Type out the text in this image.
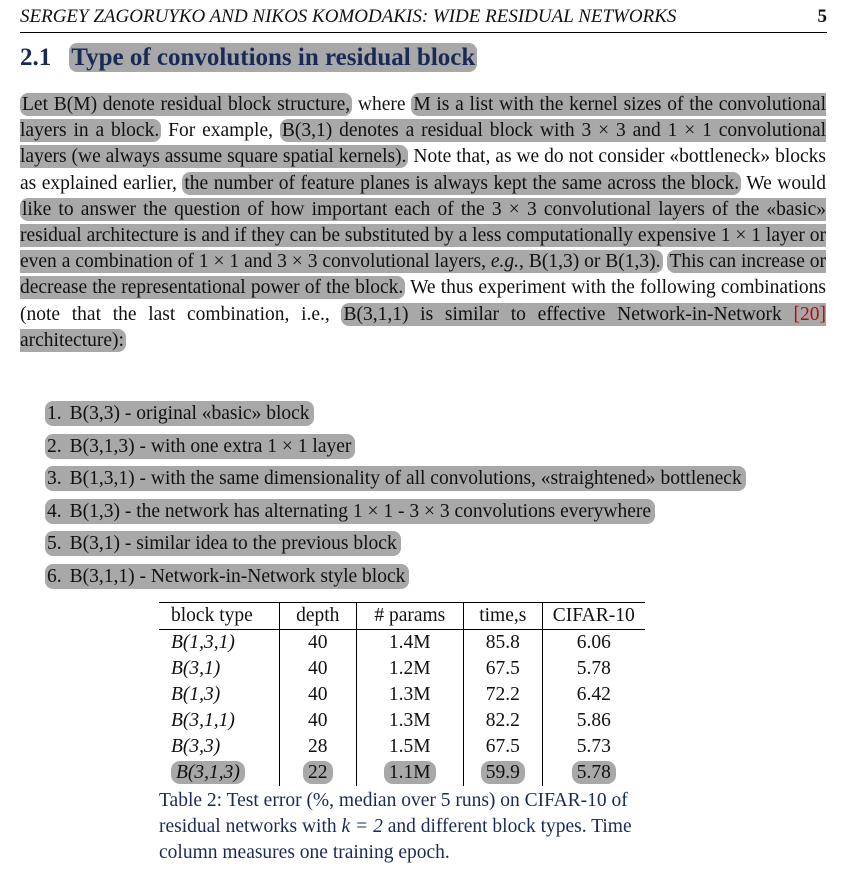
SERGEY ZAGORUYKO AND NIKOS KOMODAKIS: WIDE RESIDUAL NETWORKS	5
2.1 Type of convolutions in residual block
Let B(M) denote residual block structure, where M is a list with the kernel sizes of the convolutional layers in a block. For example, B(3,1) denotes a residual block with 3 × 3 and 1 × 1 convolutional layers (we always assume square spatial kernels). Note that, as we do not consider «bottleneck» blocks as explained earlier, the number of feature planes is always kept the same across the block. We would like to answer the question of how important each of the 3 × 3 convolutional layers of the «basic» residual architecture is and if they can be substituted by a less computationally expensive 1 × 1 layer or even a combination of 1 × 1 and 3 × 3 convolutional layers, e.g., B(1,3) or B(1,3). This can increase or decrease the representational power of the block. We thus experiment with the following combinations (note that the last combination, i.e., B(3,1,1) is similar to effective Network-in-Network [20] architecture):
1. B(3,3) - original «basic» block
2. B(3,1,3) - with one extra 1 × 1 layer
3. B(1,3,1) - with the same dimensionality of all convolutions, «straightened» bottleneck
4. B(1,3) - the network has alternating 1 × 1 - 3 × 3 convolutions everywhere
5. B(3,1) - similar idea to the previous block
6. B(3,1,1) - Network-in-Network style block
block type	depth	# params	time,s	CIFAR-10
B(1,3,1)	40	1.4M	85.8	6.06
B(3,1)	40	1.2M	67.5	5.78
B(1,3)	40	1.3M	72.2	6.42
B(3,1,1)	40	1.3M	82.2	5.86
B(3,3)	28	1.5M	67.5	5.73
B(3,1,3)	22	1.1M	59.9	5.78
Table 2: Test error (%, median over 5 runs) on CIFAR-10 of residual networks with k = 2 and different block types. Time column measures one training epoch.
